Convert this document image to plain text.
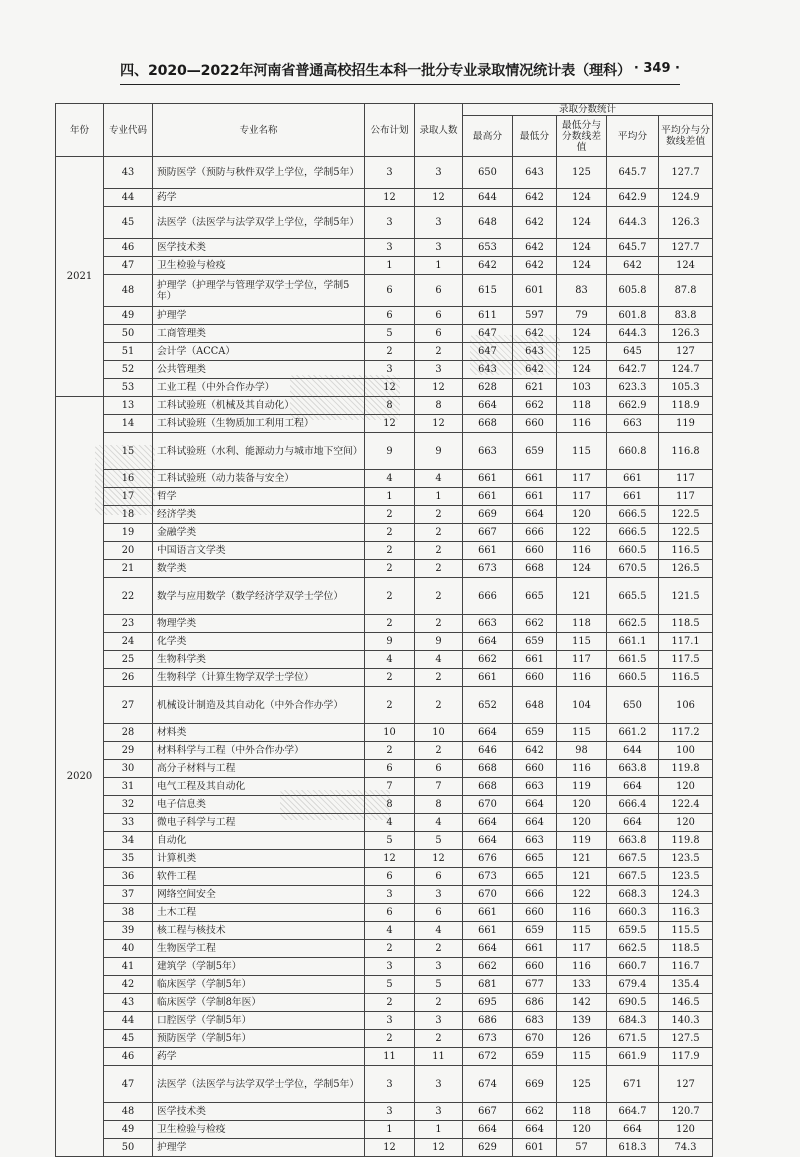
四、2020—2022年河南省普通高校招生本科一批分专业录取情况统计表（理科） · 349 ·
年份	专业代码	专业名称	公布计划	录取人数	录取分数统计				
					最高分	最低分	最低分与分数线差值	平均分	平均分与分数线差值
2021	43	预防医学（预防与秋件双学上学位，学制5年）	3	3	650	643	125	645.7	127.7
	44	药学	12	12	644	642	124	642.9	124.9
	45	法医学（法医学与法学双学上学位，学制5年）	3	3	648	642	124	644.3	126.3
	46	医学技术类	3	3	653	642	124	645.7	127.7
	47	卫生检验与检疫	1	1	642	642	124	642	124
	48	护理学（护理学与管理学双学士学位，学制5年）	6	6	615	601	83	605.8	87.8
	49	护理学	6	6	611	597	79	601.8	83.8
	50	工商管理类	5	6	647	642	124	644.3	126.3
	51	会计学（ACCA）	2	2	647	643	125	645	127
	52	公共管理类	3	3	643	642	124	642.7	124.7
	53	工业工程（中外合作办学）	12	12	628	621	103	623.3	105.3
2020	13	工科试验班（机械及其自动化）	8	8	664	662	118	662.9	118.9
	14	工科试验班（生物质加工利用工程）	12	12	668	660	116	663	119
	15	工科试验班（水利、能源动力与城市地下空间）	9	9	663	659	115	660.8	116.8
	16	工科试验班（动力装备与安全）	4	4	661	661	117	661	117
	17	哲学	1	1	661	661	117	661	117
	18	经济学类	2	2	669	664	120	666.5	122.5
	19	金融学类	2	2	667	666	122	666.5	122.5
	20	中国语言文学类	2	2	661	660	116	660.5	116.5
	21	数学类	2	2	673	668	124	670.5	126.5
	22	数学与应用数学（数学经济学双学士学位）	2	2	666	665	121	665.5	121.5
	23	物理学类	2	2	663	662	118	662.5	118.5
	24	化学类	9	9	664	659	115	661.1	117.1
	25	生物科学类	4	4	662	661	117	661.5	117.5
	26	生物科学（计算生物学双学士学位）	2	2	661	660	116	660.5	116.5
	27	机械设计制造及其自动化（中外合作办学）	2	2	652	648	104	650	106
	28	材料类	10	10	664	659	115	661.2	117.2
	29	材料科学与工程（中外合作办学）	2	2	646	642	98	644	100
	30	高分子材料与工程	6	6	668	660	116	663.8	119.8
	31	电气工程及其自动化	7	7	668	663	119	664	120
	32	电子信息类	8	8	670	664	120	666.4	122.4
	33	微电子科学与工程	4	4	664	664	120	664	120
	34	自动化	5	5	664	663	119	663.8	119.8
	35	计算机类	12	12	676	665	121	667.5	123.5
	36	软件工程	6	6	673	665	121	667.5	123.5
	37	网络空间安全	3	3	670	666	122	668.3	124.3
	38	土木工程	6	6	661	660	116	660.3	116.3
	39	核工程与核技术	4	4	661	659	115	659.5	115.5
	40	生物医学工程	2	2	664	661	117	662.5	118.5
	41	建筑学（学制5年）	3	3	662	660	116	660.7	116.7
	42	临床医学（学制5年）	5	5	681	677	133	679.4	135.4
	43	临床医学（学制8年医）	2	2	695	686	142	690.5	146.5
	44	口腔医学（学制5年）	3	3	686	683	139	684.3	140.3
	45	预防医学（学制5年）	2	2	673	670	126	671.5	127.5
	46	药学	11	11	672	659	115	661.9	117.9
	47	法医学（法医学与法学双学士学位，学制5年）	3	3	674	669	125	671	127
	48	医学技术类	3	3	667	662	118	664.7	120.7
	49	卫生检验与检疫	1	1	664	664	120	664	120
	50	护理学	12	12	629	601	57	618.3	74.3
